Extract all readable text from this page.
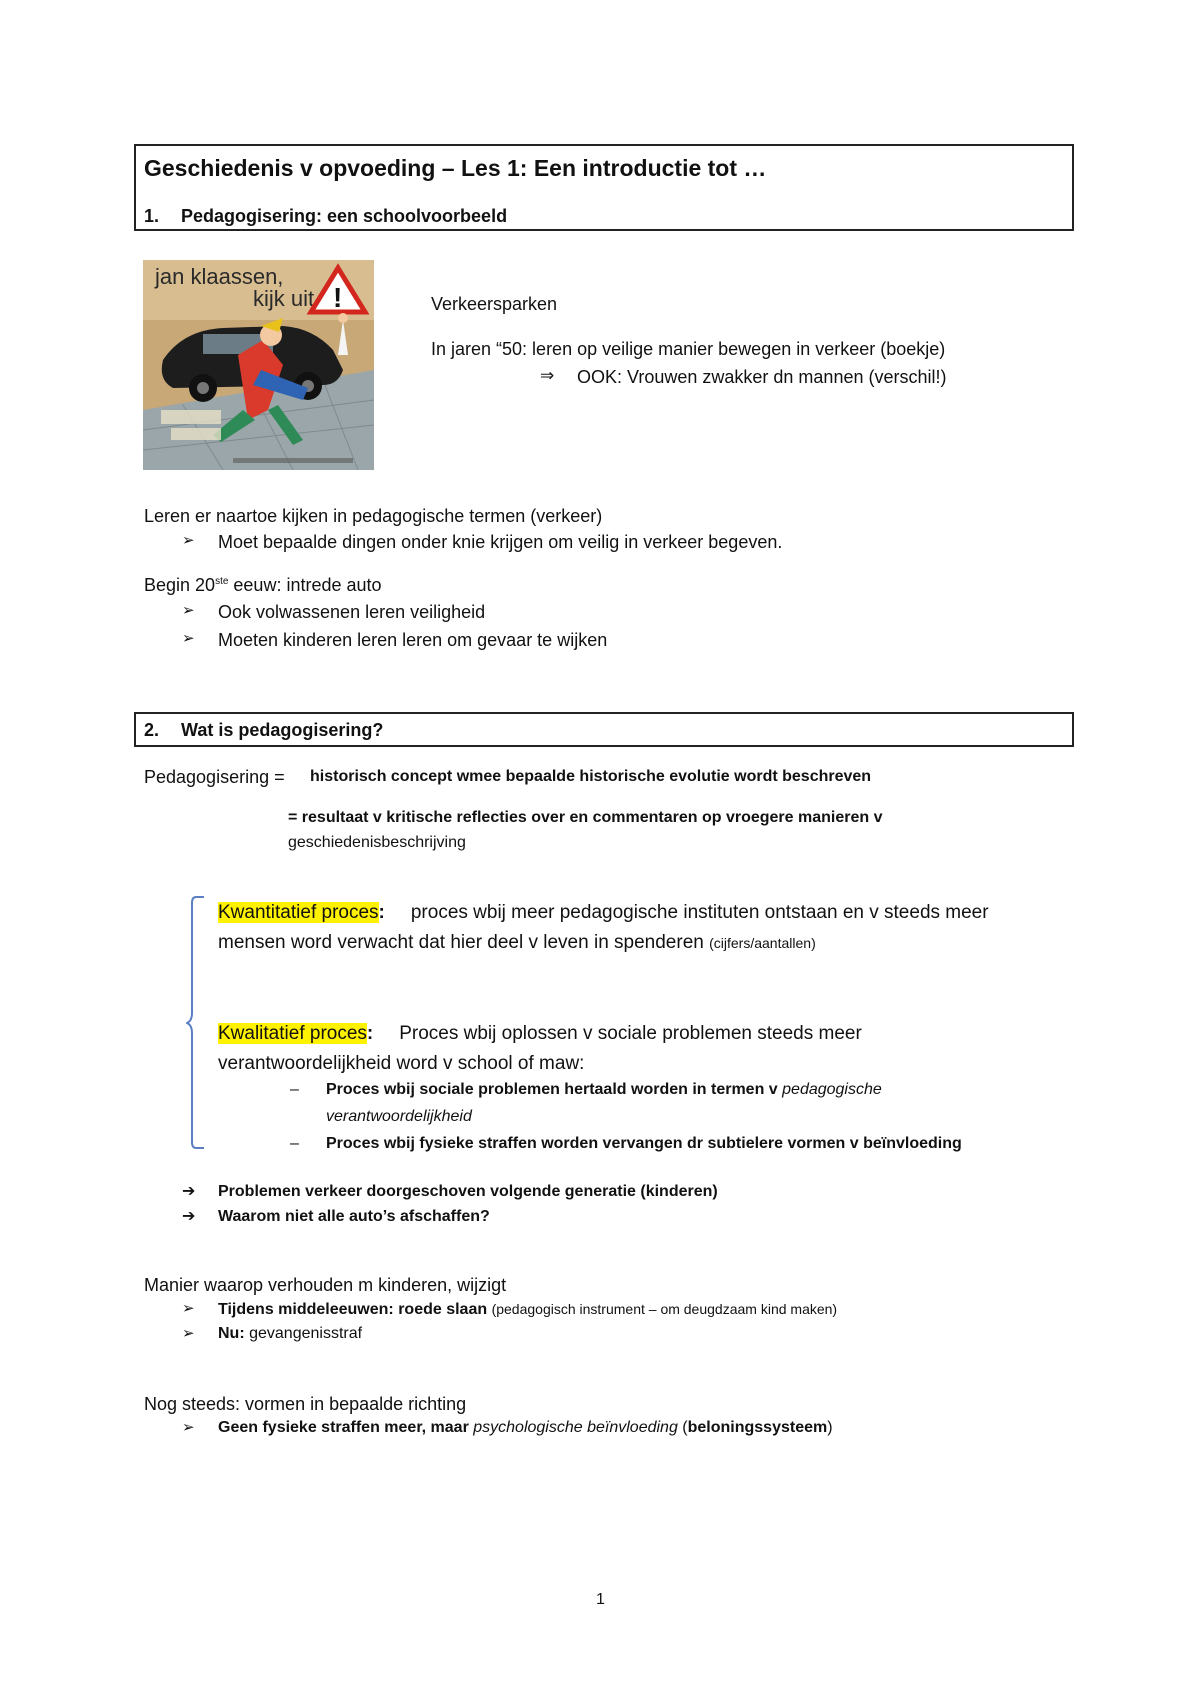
Geschiedenis v opvoeding – Les 1: Een introductie tot …
1. Pedagogisering: een schoolvoorbeeld
jan klaassen,
kijk uit !	Verkeersparken
In jaren “50: leren op veilige manier bewegen in verkeer (boekje)
⇒ OOK: Vrouwen zwakker dn mannen (verschil!)
Leren er naartoe kijken in pedagogische termen (verkeer)
➢ Moet bepaalde dingen onder knie krijgen om veilig in verkeer begeven.
Begin 20ste eeuw: intrede auto
➢ Ook volwassenen leren veiligheid
➢ Moeten kinderen leren leren om gevaar te wijken
2. Wat is pedagogisering?
Pedagogisering = historisch concept wmee bepaalde historische evolutie wordt beschreven
= resultaat v kritische reflecties over en commentaren op vroegere manieren v
geschiedenisbeschrijving
Kwantitatief proces: proces wbij meer pedagogische instituten ontstaan en v steeds meer
mensen word verwacht dat hier deel v leven in spenderen (cijfers/aantallen)
Kwalitatief proces: Proces wbij oplossen v sociale problemen steeds meer
verantwoordelijkheid word v school of maw:
– Proces wbij sociale problemen hertaald worden in termen v pedagogische
verantwoordelijkheid
– Proces wbij fysieke straffen worden vervangen dr subtielere vormen v beïnvloeding
➔ Problemen verkeer doorgeschoven volgende generatie (kinderen)
➔ Waarom niet alle auto’s afschaffen?
Manier waarop verhouden m kinderen, wijzigt
➢ Tijdens middeleeuwen: roede slaan (pedagogisch instrument – om deugdzaam kind maken)
➢ Nu: gevangenisstraf
Nog steeds: vormen in bepaalde richting
➢ Geen fysieke straffen meer, maar psychologische beïnvloeding (beloningssysteem)
1
